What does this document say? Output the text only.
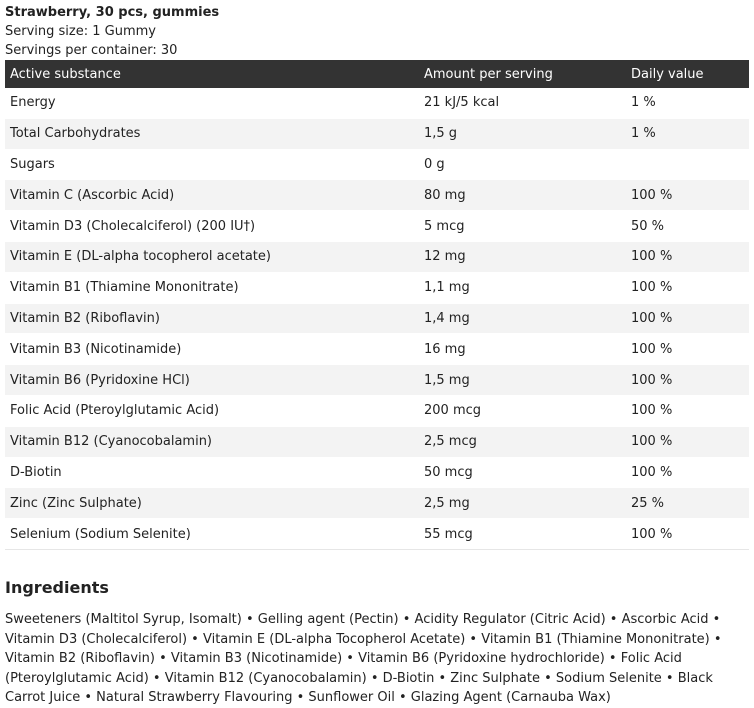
Strawberry, 30 pcs, gummies
Serving size: 1 Gummy
Servings per container: 30
Active substance	Amount per serving	Daily value
Energy	21 kJ/5 kcal	1 %
Total Carbohydrates	1,5 g	1 %
Sugars	0 g	
Vitamin C (Ascorbic Acid)	80 mg	100 %
Vitamin D3 (Cholecalciferol) (200 IU†)	5 mcg	50 %
Vitamin E (DL-alpha tocopherol acetate)	12 mg	100 %
Vitamin B1 (Thiamine Mononitrate)	1,1 mg	100 %
Vitamin B2 (Riboflavin)	1,4 mg	100 %
Vitamin B3 (Nicotinamide)	16 mg	100 %
Vitamin B6 (Pyridoxine HCl)	1,5 mg	100 %
Folic Acid (Pteroylglutamic Acid)	200 mcg	100 %
Vitamin B12 (Cyanocobalamin)	2,5 mcg	100 %
D-Biotin	50 mcg	100 %
Zinc (Zinc Sulphate)	2,5 mg	25 %
Selenium (Sodium Selenite)	55 mcg	100 %
Ingredients

Sweeteners (Maltitol Syrup, Isomalt) • Gelling agent (Pectin) • Acidity Regulator (Citric Acid) • Ascorbic Acid • Vitamin D3 (Cholecalciferol) • Vitamin E (DL-alpha Tocopherol Acetate) • Vitamin B1 (Thiamine Mononitrate) • Vitamin B2 (Riboflavin) • Vitamin B3 (Nicotinamide) • Vitamin B6 (Pyridoxine hydrochloride) • Folic Acid (Pteroylglutamic Acid) • Vitamin B12 (Cyanocobalamin) • D-Biotin • Zinc Sulphate • Sodium Selenite • Black Carrot Juice • Natural Strawberry Flavouring • Sunflower Oil • Glazing Agent (Carnauba Wax)
